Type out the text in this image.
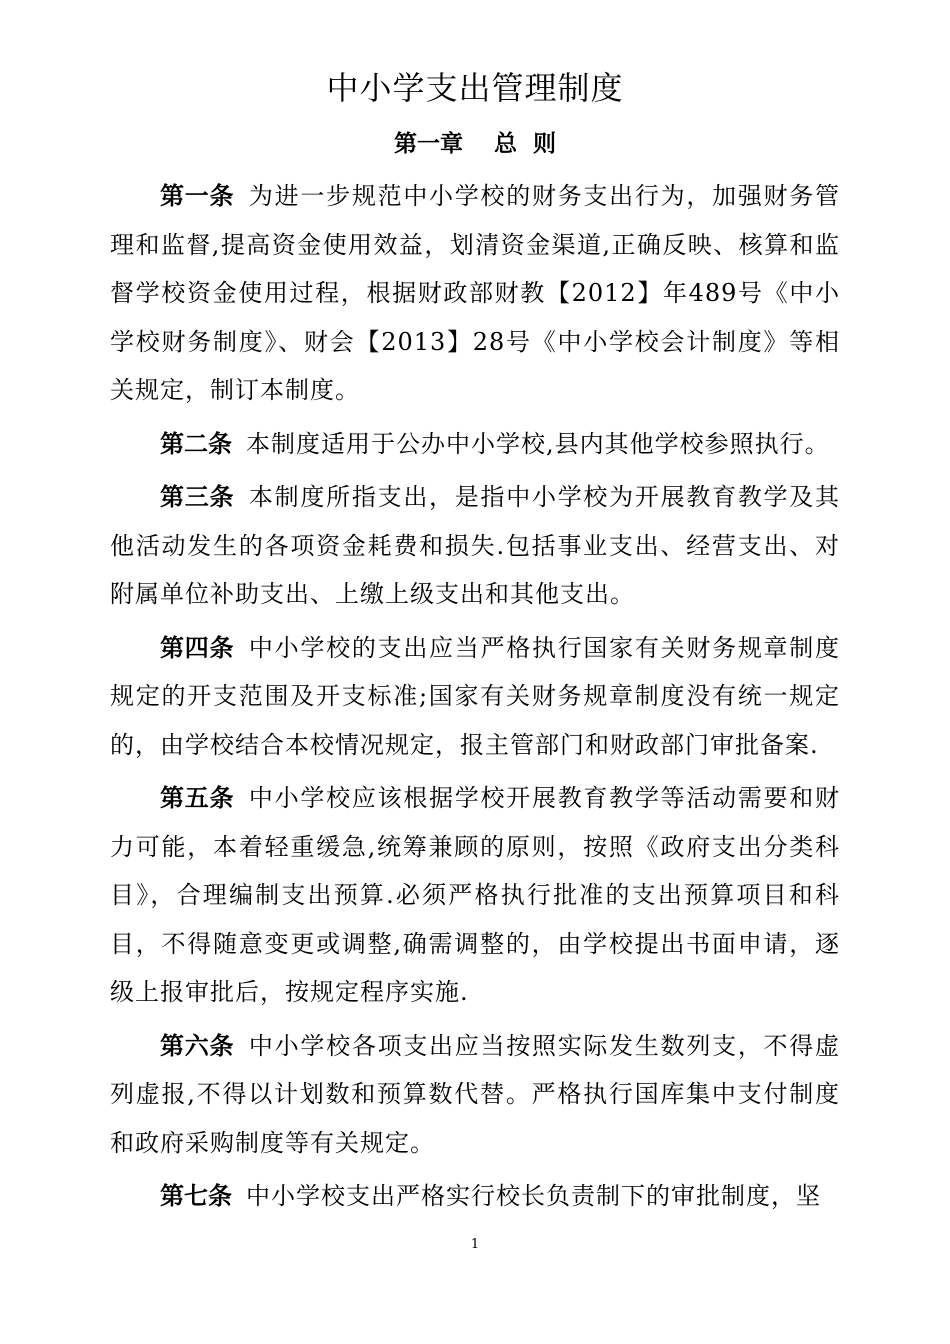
中小学支出管理制度
第一章　 总  则

第一条 为进一步规范中小学校的财务支出行为，加强财务管理和监督,提高资金使用效益，划清资金渠道,正确反映、核算和监督学校资金使用过程，根据财政部财教【2012】年489号《中小学校财务制度》、财会【2013】28号《中小学校会计制度》等相关规定，制订本制度。

第二条 本制度适用于公办中小学校,县内其他学校参照执行。

第三条 本制度所指支出，是指中小学校为开展教育教学及其他活动发生的各项资金耗费和损失.包括事业支出、经营支出、对附属单位补助支出、上缴上级支出和其他支出。

第四条 中小学校的支出应当严格执行国家有关财务规章制度规定的开支范围及开支标准;国家有关财务规章制度没有统一规定的，由学校结合本校情况规定，报主管部门和财政部门审批备案.

第五条 中小学校应该根据学校开展教育教学等活动需要和财力可能，本着轻重缓急,统筹兼顾的原则，按照《政府支出分类科目》，合理编制支出预算.必须严格执行批准的支出预算项目和科目，不得随意变更或调整,确需调整的，由学校提出书面申请，逐级上报审批后，按规定程序实施.

第六条 中小学校各项支出应当按照实际发生数列支，不得虚列虚报,不得以计划数和预算数代替。严格执行国库集中支付制度和政府采购制度等有关规定。

第七条 中小学校支出严格实行校长负责制下的审批制度，坚

1
